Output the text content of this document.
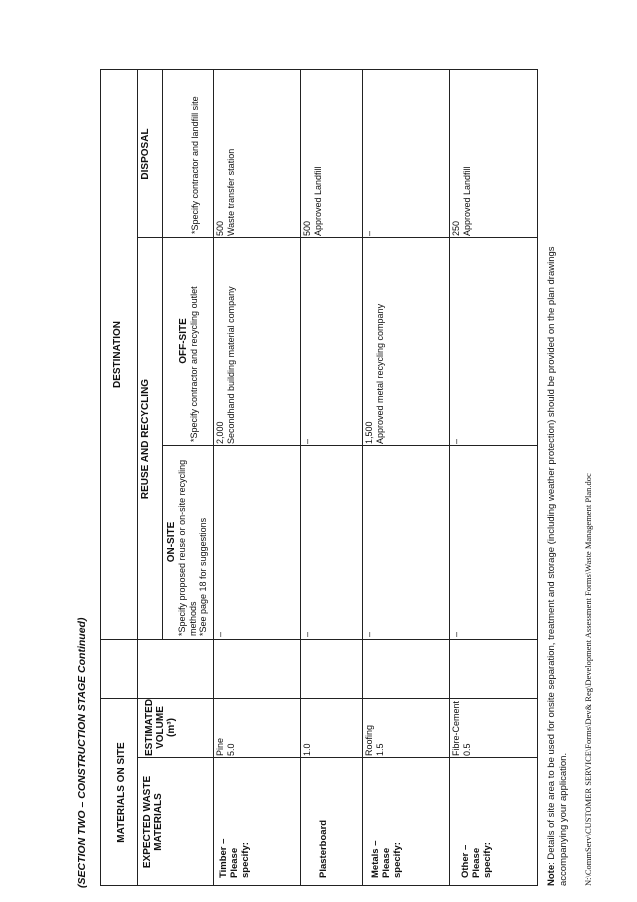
(SECTION TWO – CONSTRUCTION STAGE Continued)	MATERIALS ON SITE
DESTINATION
REUSE AND RECYCLING
DISPOSAL
EXPECTED WASTE MATERIALS
ESTIMATED VOLUME (m³)
ON-SITE *Specify proposed reuse or on-site recycling methods *See page 18 for suggestions
OFF-SITE *Specify contractor and recycling outlet
*Specify contractor and landfill site
Timber – Please specify:
Pine 5.0
–
2,000 Secondhand building material company
500 Waste transfer station
Plasterboard
1.0
–
–
500 Approved Landfill
Metals – Please specify:
Roofing 1.5
–
1,500 Approved metal recycling company
–
Other – Please specify:
Fibre-Cement 0.5
–
–
250 Approved Landfill
Note: Details of site area to be used for onsite separation, treatment and storage (including weather protection) should be provided on the plan drawings accompanying your application. N:\CommServ\CUSTOMER SERVICE\Forms\Dev& Reg\Development Assessment Forms\Waste Management Plan.doc
